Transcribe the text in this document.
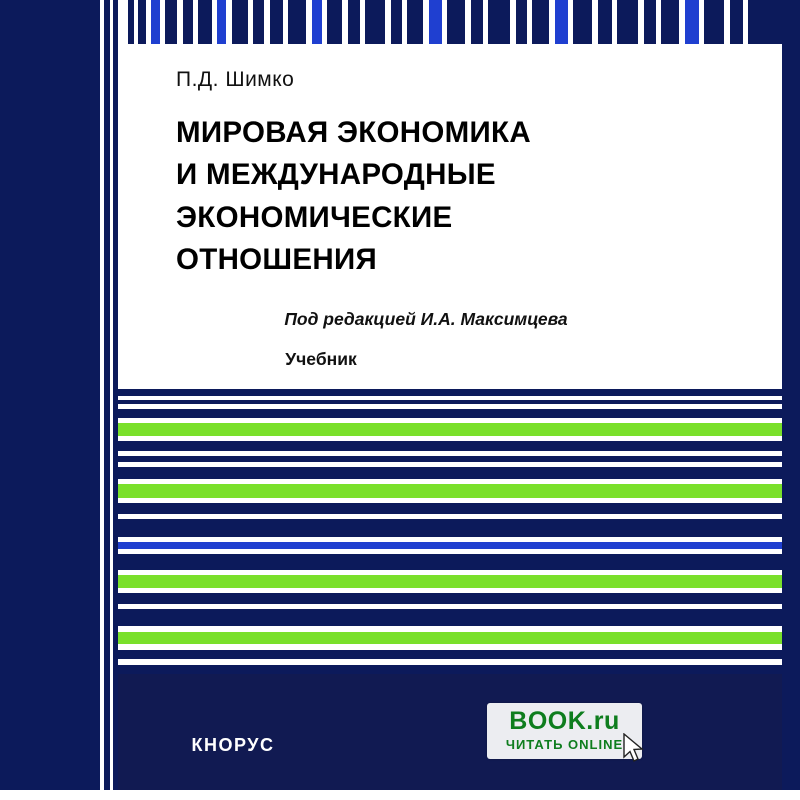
П.Д. Шимко
МИРОВАЯ ЭКОНОМИКА
И МЕЖДУНАРОДНЫЕ
ЭКОНОМИЧЕСКИЕ
ОТНОШЕНИЯ
Под редакцией И.А. Максимцева
Учебник
КНОРУС
BOOK.ru
ЧИТАТЬ ONLINE
